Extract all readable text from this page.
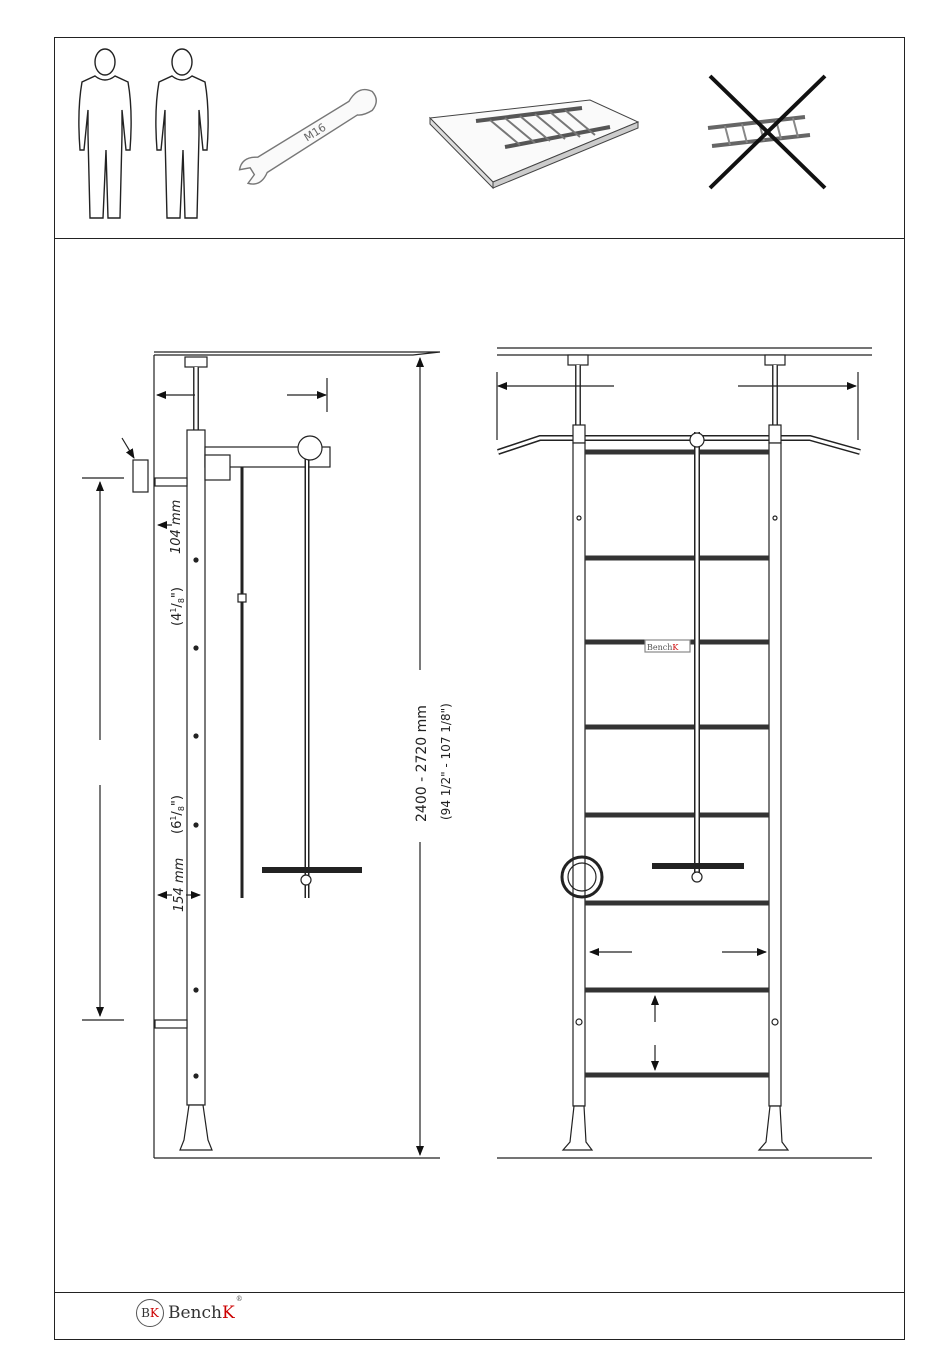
M16
BenchK
104 mm
$(4^1/_8")$
154 mm
$(6^1/_8")$	2400 - 2720 mm (94 1/2" - 107 1/8")
B K BenchK®
